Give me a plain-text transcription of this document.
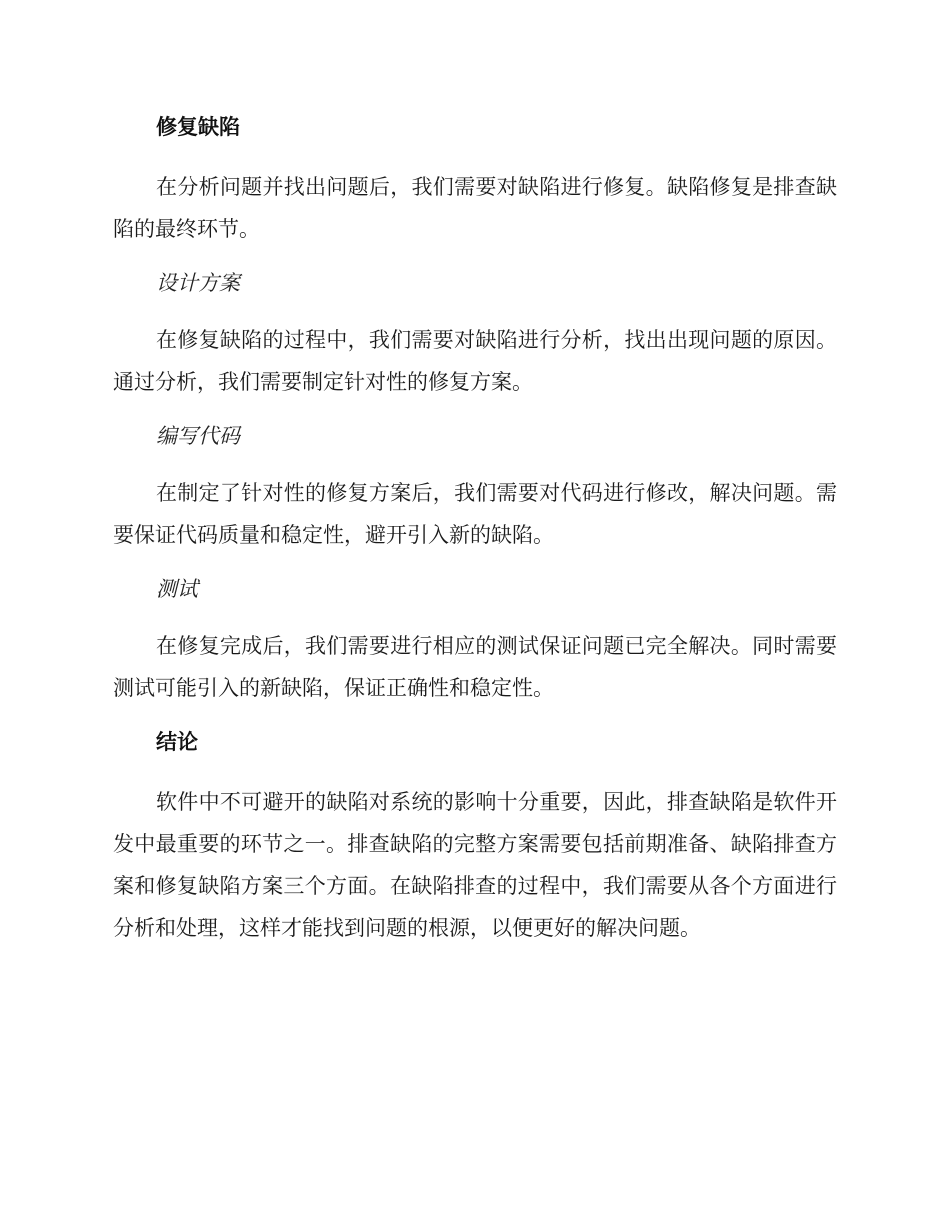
修复缺陷

在分析问题并找出问题后，我们需要对缺陷进行修复。缺陷修复是排查缺陷的最终环节。

设计方案

在修复缺陷的过程中，我们需要对缺陷进行分析，找出出现问题的原因。通过分析，我们需要制定针对性的修复方案。

编写代码

在制定了针对性的修复方案后，我们需要对代码进行修改，解决问题。需要保证代码质量和稳定性，避开引入新的缺陷。

测试

在修复完成后，我们需要进行相应的测试保证问题已完全解决。同时需要测试可能引入的新缺陷，保证正确性和稳定性。

结论

软件中不可避开的缺陷对系统的影响十分重要，因此，排查缺陷是软件开发中最重要的环节之一。排查缺陷的完整方案需要包括前期准备、缺陷排查方案和修复缺陷方案三个方面。在缺陷排查的过程中，我们需要从各个方面进行分析和处理，这样才能找到问题的根源，以便更好的解决问题。
